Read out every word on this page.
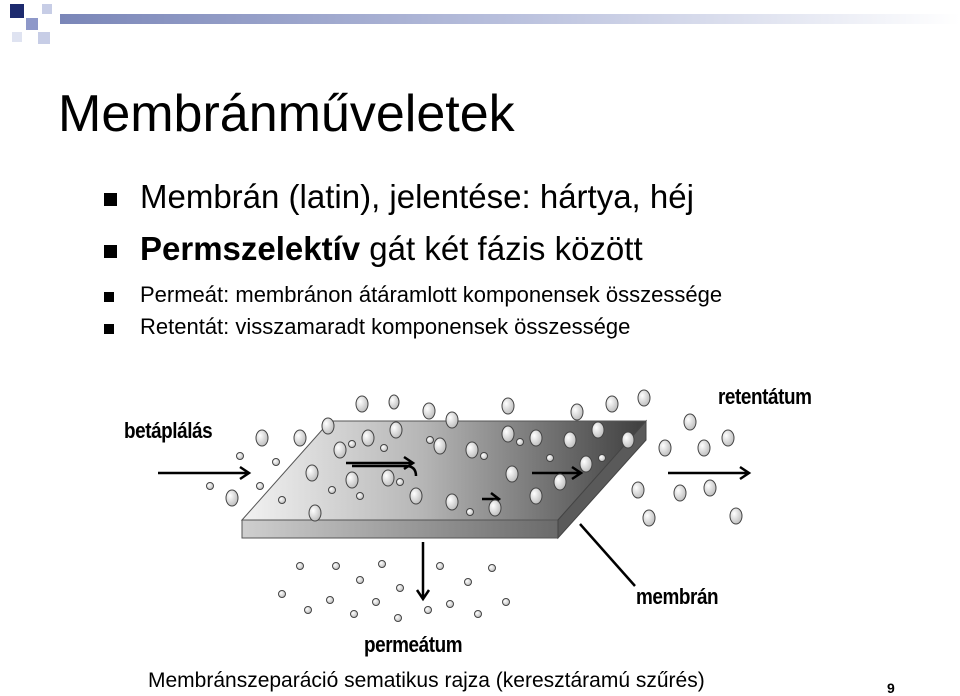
Membránműveletek
Membrán (latin), jelentése: hártya, héj
Permszelektív gát két fázis között
Permeát: membránon átáramlott komponensek összessége
Retentát: visszamaradt komponensek összessége
betáplálás
retentátum
membrán
permeátum
Membránszeparáció sematikus rajza (keresztáramú szűrés)	9
